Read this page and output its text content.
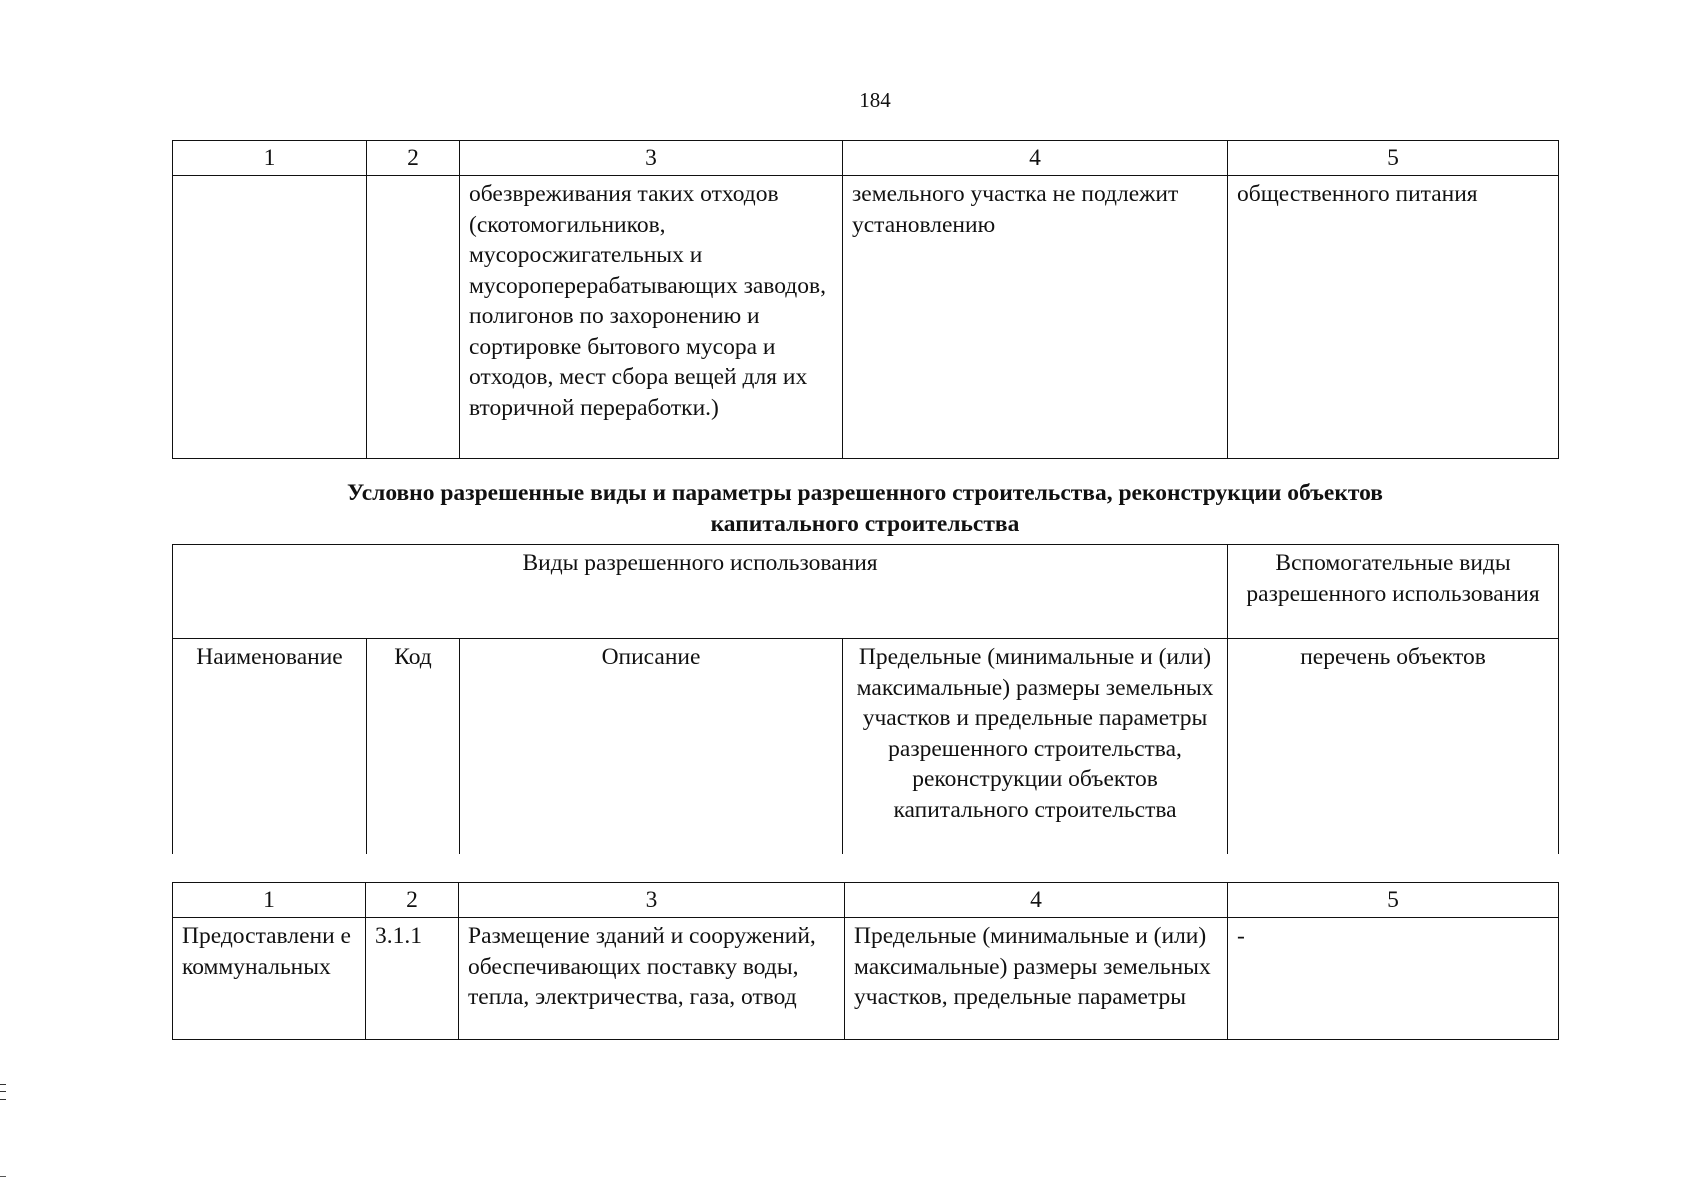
184
1	2	3	4	5
		обезвреживания таких отходов (скотомогильников, мусоросжигательных и мусороперерабатывающих заводов, полигонов по захоронению и сортировке бытового мусора и отходов, мест сбора вещей для их вторичной переработки.)	земельного участка не подлежит установлению	общественного питания
Условно разрешенные виды и параметры разрешенного строительства, реконструкции объектов
капитального строительства
Виды разрешенного использования				Вспомогательные виды разрешенного использования
Наименование	Код	Описание	Предельные (минимальные и (или) максимальные) размеры земельных участков и предельные параметры разрешенного строительства, реконструкции объектов капитального строительства	перечень объектов
1	2	3	4	5
Предоставлени е коммунальных	3.1.1	Размещение зданий и сооружений, обеспечивающих поставку воды, тепла, электричества, газа, отвод	Предельные (минимальные и (или) максимальные) размеры земельных участков, предельные параметры	-
